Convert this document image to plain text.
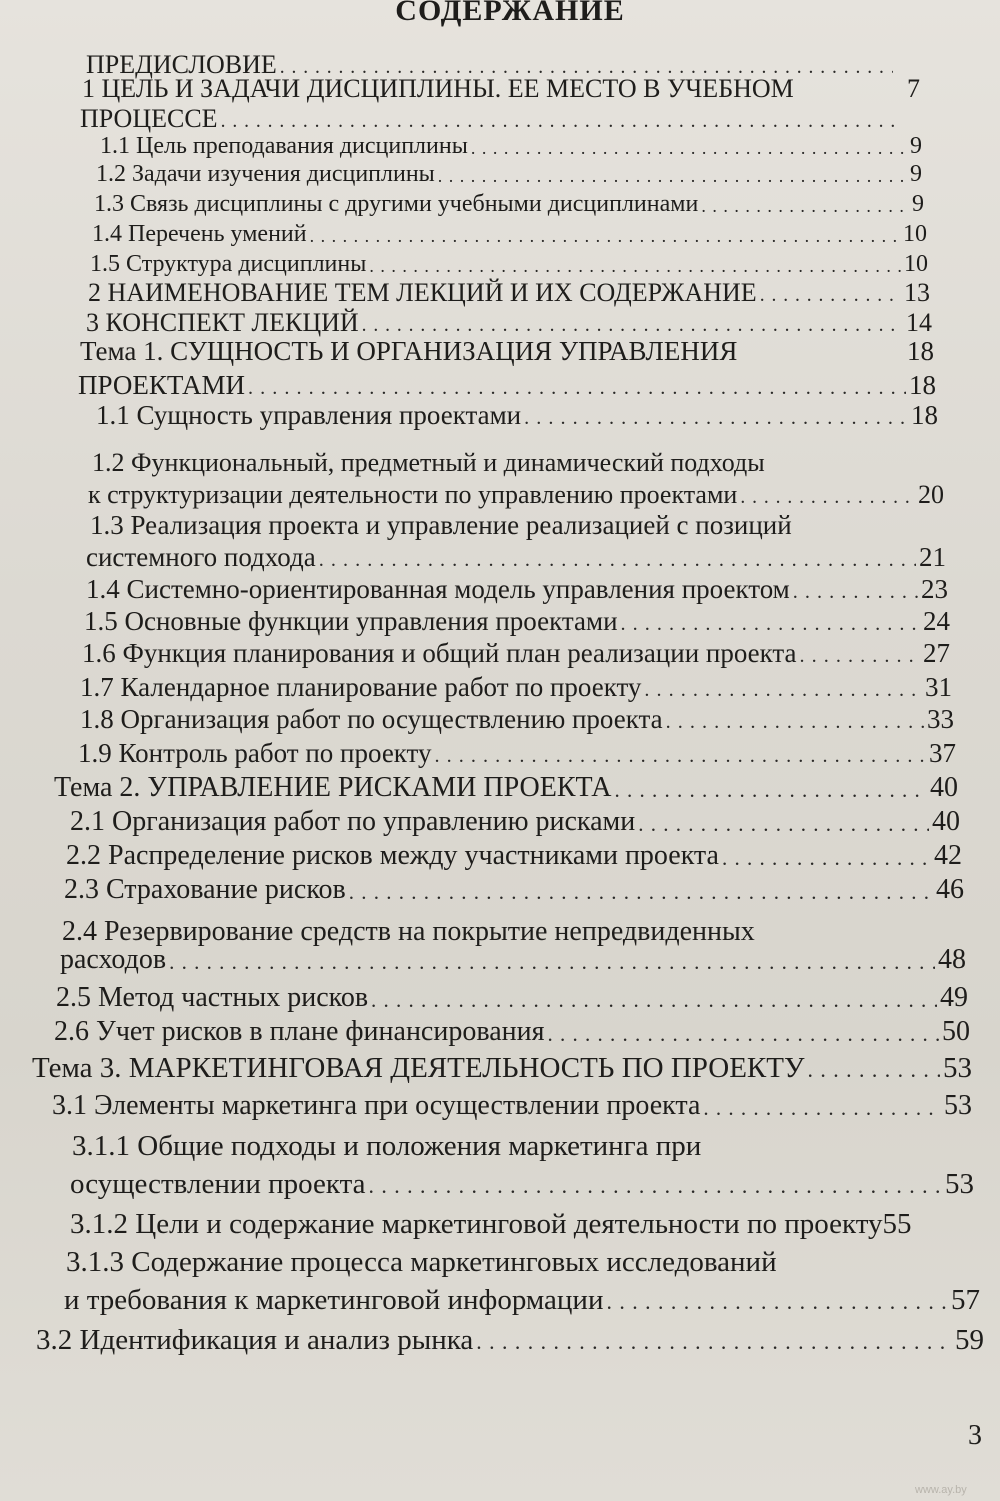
СОДЕРЖАНИЕ
ПРЕДИСЛОВИЕ
. . .
1 ЦЕЛЬ И ЗАДАЧИ ДИСЦИПЛИНЫ. ЕЕ МЕСТО В УЧЕБНОМ	7
ПРОЦЕССЕ
. . .
1.1 Цель преподавания дисциплины . . .	9
1.2 Задачи изучения дисциплины . . .	9
1.3 Связь дисциплины с другими учебными дисциплинами . . .	9
1.4 Перечень умений . . .	10
1.5 Структура дисциплины . . .	10
2 НАИМЕНОВАНИЕ ТЕМ ЛЕКЦИЙ И ИХ СОДЕРЖАНИЕ . . .	13
3 КОНСПЕКТ ЛЕКЦИЙ . . .	14
Тема 1. СУЩНОСТЬ И ОРГАНИЗАЦИЯ УПРАВЛЕНИЯ	18
ПРОЕКТАМИ . . .	18
1.1 Сущность управления проектами . . .	18
1.2 Функциональный, предметный и динамический подходы
к структуризации деятельности по управлению проектами . . .	20
1.3 Реализация проекта и управление реализацией с позиций
системного подхода . . .	21
1.4 Системно-ориентированная модель управления проектом . . .	23
1.5 Основные функции управления проектами . . .	24
1.6 Функция планирования и общий план реализации проекта . . .	27
1.7 Календарное планирование работ по проекту . . .	31
1.8 Организация работ по осуществлению проекта . . .	33
1.9 Контроль работ по проекту . . .	37
Тема 2. УПРАВЛЕНИЕ РИСКАМИ ПРОЕКТА . . .	40
2.1 Организация работ по управлению рисками . . .	40
2.2 Распределение рисков между участниками проекта . . .	42
2.3 Страхование рисков . . .	46
2.4 Резервирование средств на покрытие непредвиденных
расходов . . .	48
2.5 Метод частных рисков . . .	49
2.6 Учет рисков в плане финансирования . . .	50
Тема 3. МАРКЕТИНГОВАЯ ДЕЯТЕЛЬНОСТЬ ПО ПРОЕКТУ . . .	53
3.1 Элементы маркетинга при осуществлении проекта . . .	53
3.1.1 Общие подходы и положения маркетинга при
осуществлении проекта . . .	53
3.1.2 Цели и содержание маркетинговой деятельности по проекту 55
3.1.3 Содержание процесса маркетинговых исследований
и требования к маркетинговой информации . . .	57
3.2 Идентификация и анализ рынка . . .	59
3
www.ay.by
